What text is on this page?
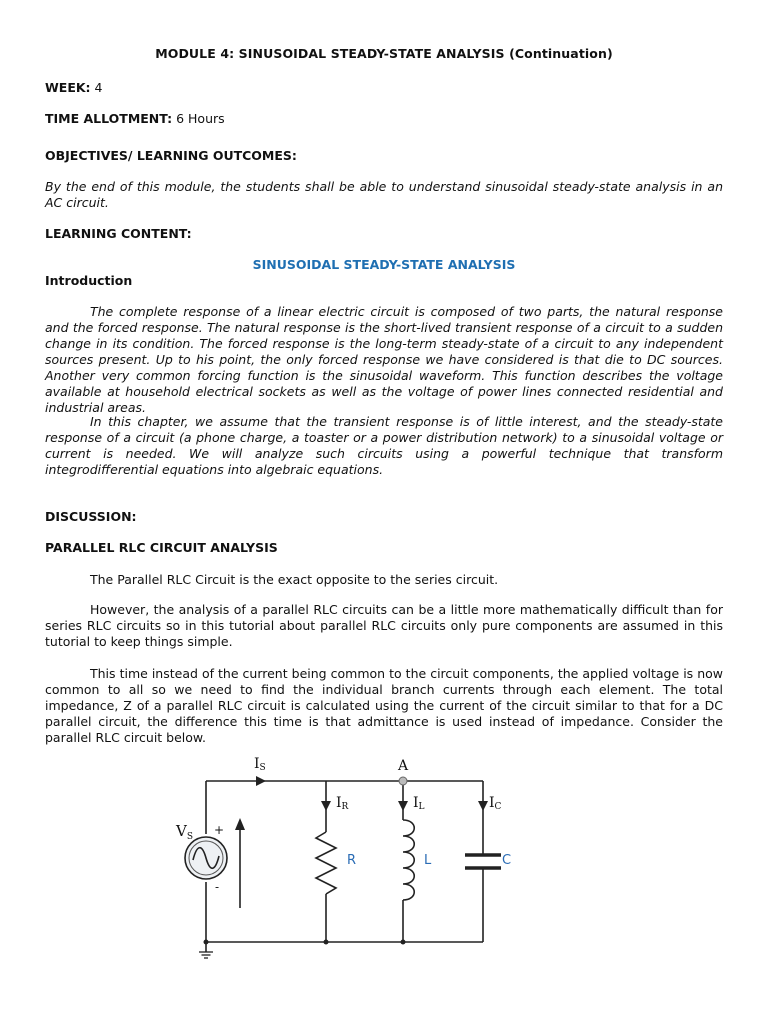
MODULE 4: SINUSOIDAL STEADY-STATE ANALYSIS (Continuation)
WEEK: 4
TIME ALLOTMENT: 6 Hours
OBJECTIVES/ LEARNING OUTCOMES:
By the end of this module, the students shall be able to understand sinusoidal steady-state analysis in an AC circuit.
LEARNING CONTENT:
SINUSOIDAL STEADY-STATE ANALYSIS
Introduction
The complete response of a linear electric circuit is composed of two parts, the natural response and the forced response. The natural response is the short-lived transient response of a circuit to a sudden change in its condition. The forced response is the long-term steady-state of a circuit to any independent sources present. Up to his point, the only forced response we have considered is that die to DC sources. Another very common forcing function is the sinusoidal waveform. This function describes the voltage available at household electrical sockets as well as the voltage of power lines connected residential and industrial areas.
In this chapter, we assume that the transient response is of little interest, and the steady-state response of a circuit (a phone charge, a toaster or a power distribution network) to a sinusoidal voltage or current is needed. We will analyze such circuits using a powerful technique that transform integrodifferential equations into algebraic equations.
DISCUSSION:
PARALLEL RLC CIRCUIT ANALYSIS
The Parallel RLC Circuit is the exact opposite to the series circuit.
However, the analysis of a parallel RLC circuits can be a little more mathematically difficult than for series RLC circuits so in this tutorial about parallel RLC circuits only pure components are assumed in this tutorial to keep things simple.
This time instead of the current being common to the circuit components, the applied voltage is now common to all so we need to find the individual branch currents through each element. The total impedance, Z of a parallel RLC circuit is calculated using the current of the circuit similar to that for a DC parallel circuit, the difference this time is that admittance is used instead of impedance. Consider the parallel RLC circuit below.
$V_S$ +
-
A
IS
IR	IL	IC
R	L	C
